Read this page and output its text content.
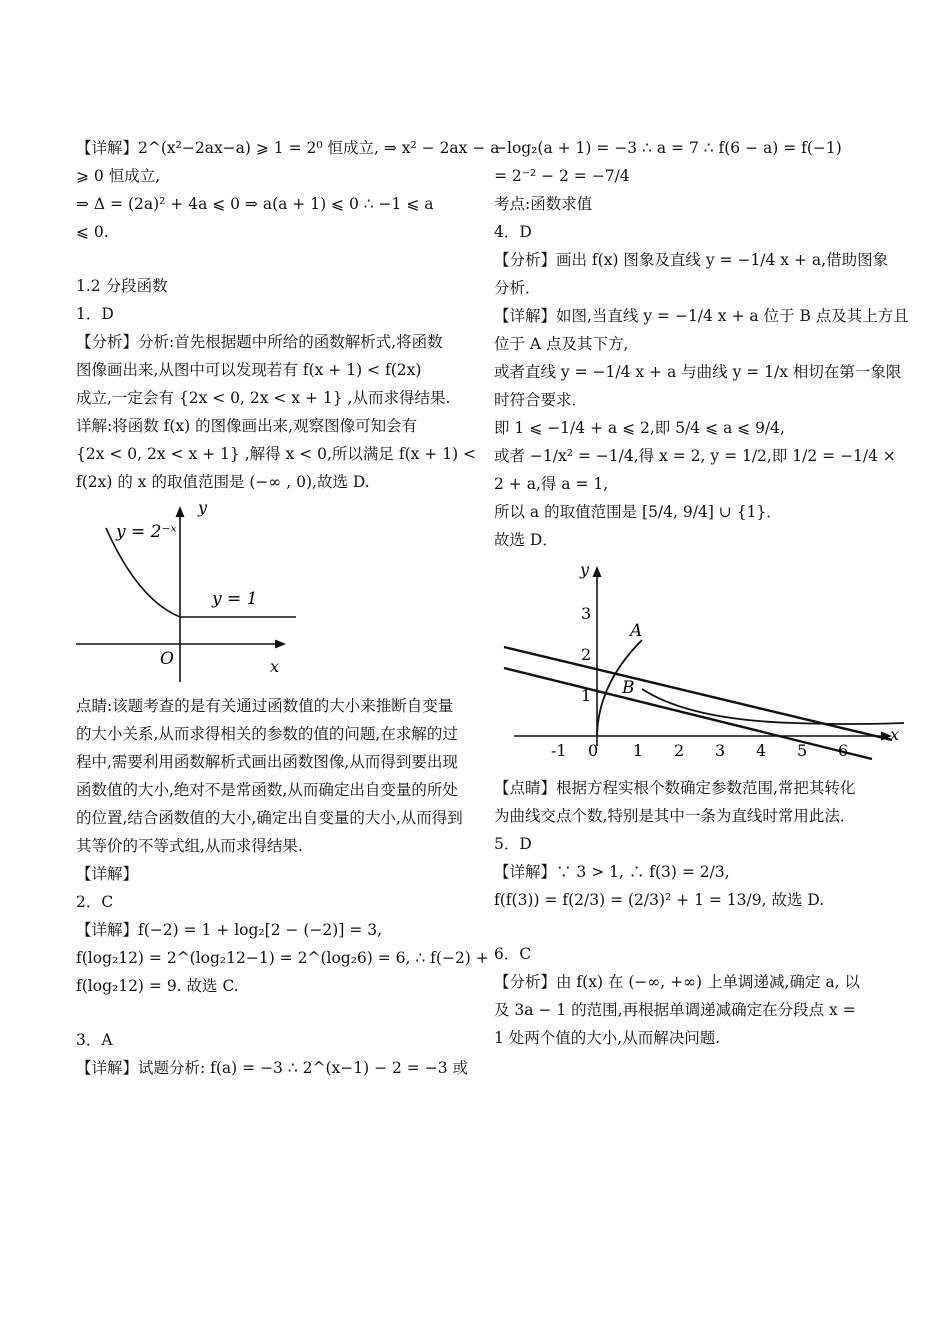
【详解】2^(x²−2ax−a) ⩾ 1 = 2⁰ 恒成立, ⇒ x² − 2ax − a
⩾ 0 恒成立,
⇒ Δ = (2a)² + 4a ⩽ 0 ⇒ a(a + 1) ⩽ 0 ∴ −1 ⩽ a
⩽ 0.
1.2 分段函数
1．D
【分析】分析:首先根据题中所给的函数解析式,将函数
图像画出来,从图中可以发现若有 f(x + 1) < f(2x)
成立,一定会有 {2x < 0, 2x < x + 1} ,从而求得结果.
详解:将函数 f(x) 的图像画出来,观察图像可知会有
{2x < 0, 2x < x + 1} ,解得 x < 0,所以满足 f(x + 1) <
f(2x) 的 x 的取值范围是 (−∞ , 0),故选 D.
y = 2⁻ˣ
y = 1
y
x
O
点睛:该题考查的是有关通过函数值的大小来推断自变量的大小关系,从而求得相关的参数的值的问题,在求解的过程中,需要利用函数解析式画出函数图像,从而得到要出现函数值的大小,绝对不是常函数,从而确定出自变量的所处的位置,结合函数值的大小,确定出自变量的大小,从而得到其等价的不等式组,从而求得结果.
【详解】
2．C
【详解】f(−2) = 1 + log₂[2 − (−2)] = 3,
f(log₂12) = 2^(log₂12−1) = 2^(log₂6) = 6, ∴ f(−2) +
f(log₂12) = 9. 故选 C.
3．A
【详解】试题分析: f(a) = −3 ∴ 2^(x−1) − 2 = −3 或
−log₂(a + 1) = −3 ∴ a = 7 ∴ f(6 − a) = f(−1)
= 2⁻² − 2 = −7/4
考点:函数求值
4．D
【分析】画出 f(x) 图象及直线 y = −1/4 x + a,借助图象
分析．
【详解】如图,当直线 y = −1/4 x + a 位于 B 点及其上方且
位于 A 点及其下方,
或者直线 y = −1/4 x + a 与曲线 y = 1/x 相切在第一象限
时符合要求．
即 1 ⩽ −1/4 + a ⩽ 2,即 5/4 ⩽ a ⩽ 9/4,
或者 −1/x² = −1/4,得 x = 2, y = 1/2,即 1/2 = −1/4 ×
2 + a,得 a = 1,
所以 a 的取值范围是 [5/4, 9/4] ∪ {1}．
故选 D．
A
B
y
x
-1 0 1 2 3 4 5 6
1
2
3
【点睛】根据方程实根个数确定参数范围,常把其转化
为曲线交点个数,特别是其中一条为直线时常用此法．
5．D
【详解】∵ 3 > 1, ∴ f(3) = 2/3,
f(f(3)) = f(2/3) = (2/3)² + 1 = 13/9, 故选 D.
6．C
【分析】由 f(x) 在 (−∞, +∞) 上单调递减,确定 a, 以
及 3a − 1 的范围,再根据单调递减确定在分段点 x =
1 处两个值的大小,从而解决问题.
